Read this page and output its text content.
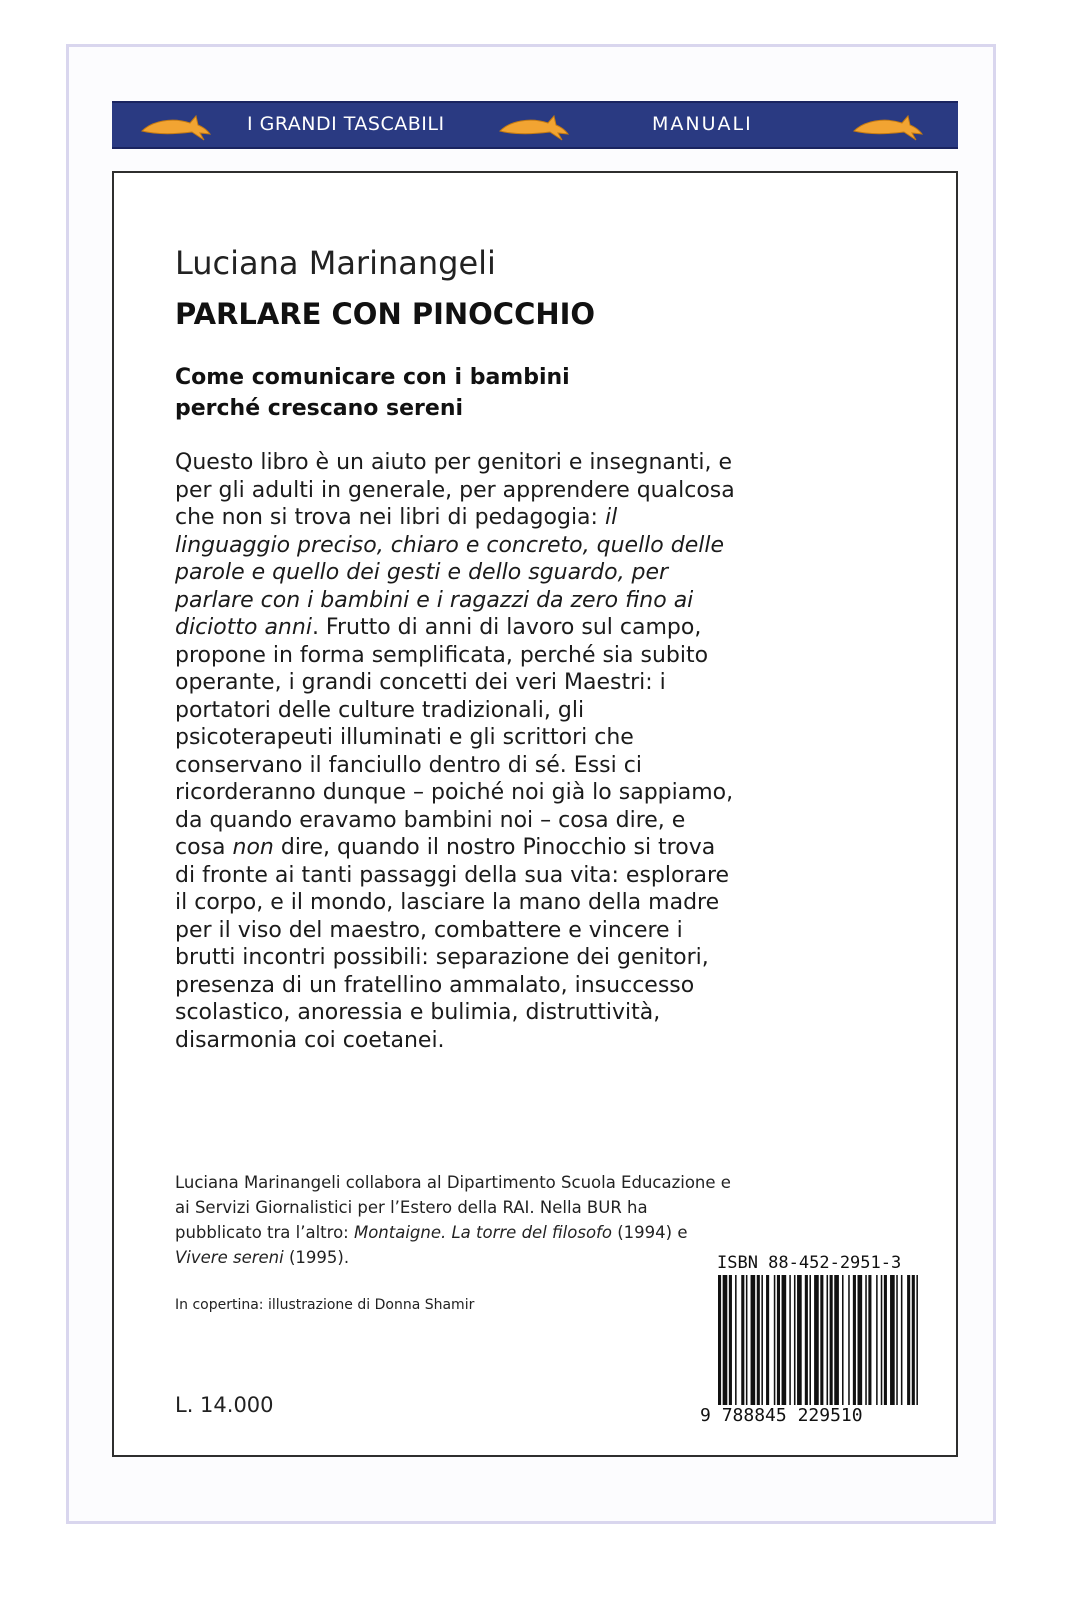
I GRANDI TASCABILI	MANUALI
Luciana Marinangeli
PARLARE CON PINOCCHIO
Come comunicare con i bambini
perché crescano sereni
Questo libro è un aiuto per genitori e insegnanti, e per gli adulti in generale, per apprendere qualcosa che non si trova nei libri di pedagogia: il linguaggio preciso, chiaro e concreto, quello delle parole e quello dei gesti e dello sguardo, per parlare con i bambini e i ragazzi da zero fino ai diciotto anni. Frutto di anni di lavoro sul campo, propone in forma semplificata, perché sia subito operante, i grandi concetti dei veri Maestri: i portatori delle culture tradizionali, gli psicoterapeuti illuminati e gli scrittori che conservano il fanciullo dentro di sé. Essi ci ricorderanno dunque – poiché noi già lo sappiamo, da quando eravamo bambini noi – cosa dire, e cosa non dire, quando il nostro Pinocchio si trova di fronte ai tanti passaggi della sua vita: esplorare il corpo, e il mondo, lasciare la mano della madre per il viso del maestro, combattere e vincere i brutti incontri possibili: separazione dei genitori, presenza di un fratellino ammalato, insuccesso scolastico, anoressia e bulimia, distruttività, disarmonia coi coetanei.
Luciana Marinangeli collabora al Dipartimento Scuola Educazione e ai Servizi Giornalistici per l’Estero della RAI. Nella BUR ha pubblicato tra l’altro: Montaigne. La torre del filosofo (1994) e Vivere sereni (1995).
In copertina: illustrazione di Donna Shamir
L. 14.000
ISBN 88-452-2951-3
9 788845 229510
